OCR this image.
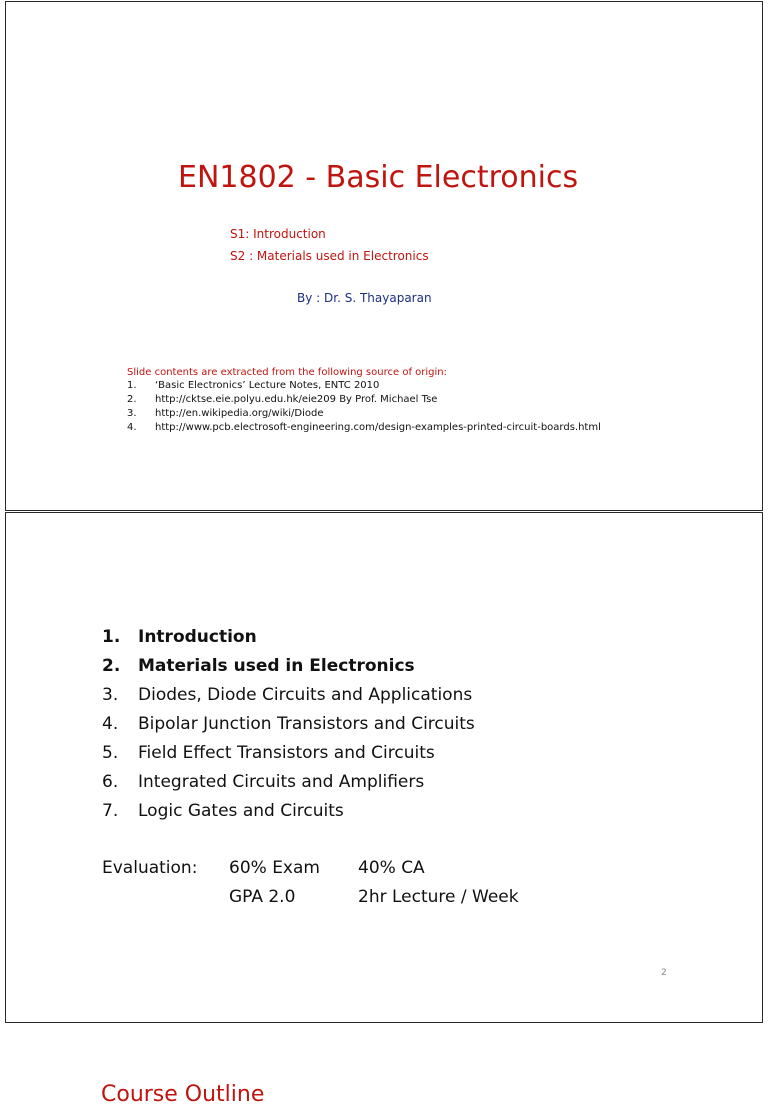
EN1802 - Basic Electronics
S1: Introduction
S2 : Materials used in Electronics
By : Dr. S. Thayaparan
Slide contents are extracted from the following source of origin:
1. ‘Basic Electronics’ Lecture Notes, ENTC 2010
2. http://cktse.eie.polyu.edu.hk/eie209 By Prof. Michael Tse
3. http://en.wikipedia.org/wiki/Diode
4. http://www.pcb.electrosoft-engineering.com/design-examples-printed-circuit-boards.html
Course Outline
1. Introduction
2. Materials used in Electronics
3. Diodes, Diode Circuits and Applications
4. Bipolar Junction Transistors and Circuits
5. Field Effect Transistors and Circuits
6. Integrated Circuits and Amplifiers
7. Logic Gates and Circuits
Evaluation: 60% Exam 40% CA
GPA 2.0	2hr Lecture / Week
2
